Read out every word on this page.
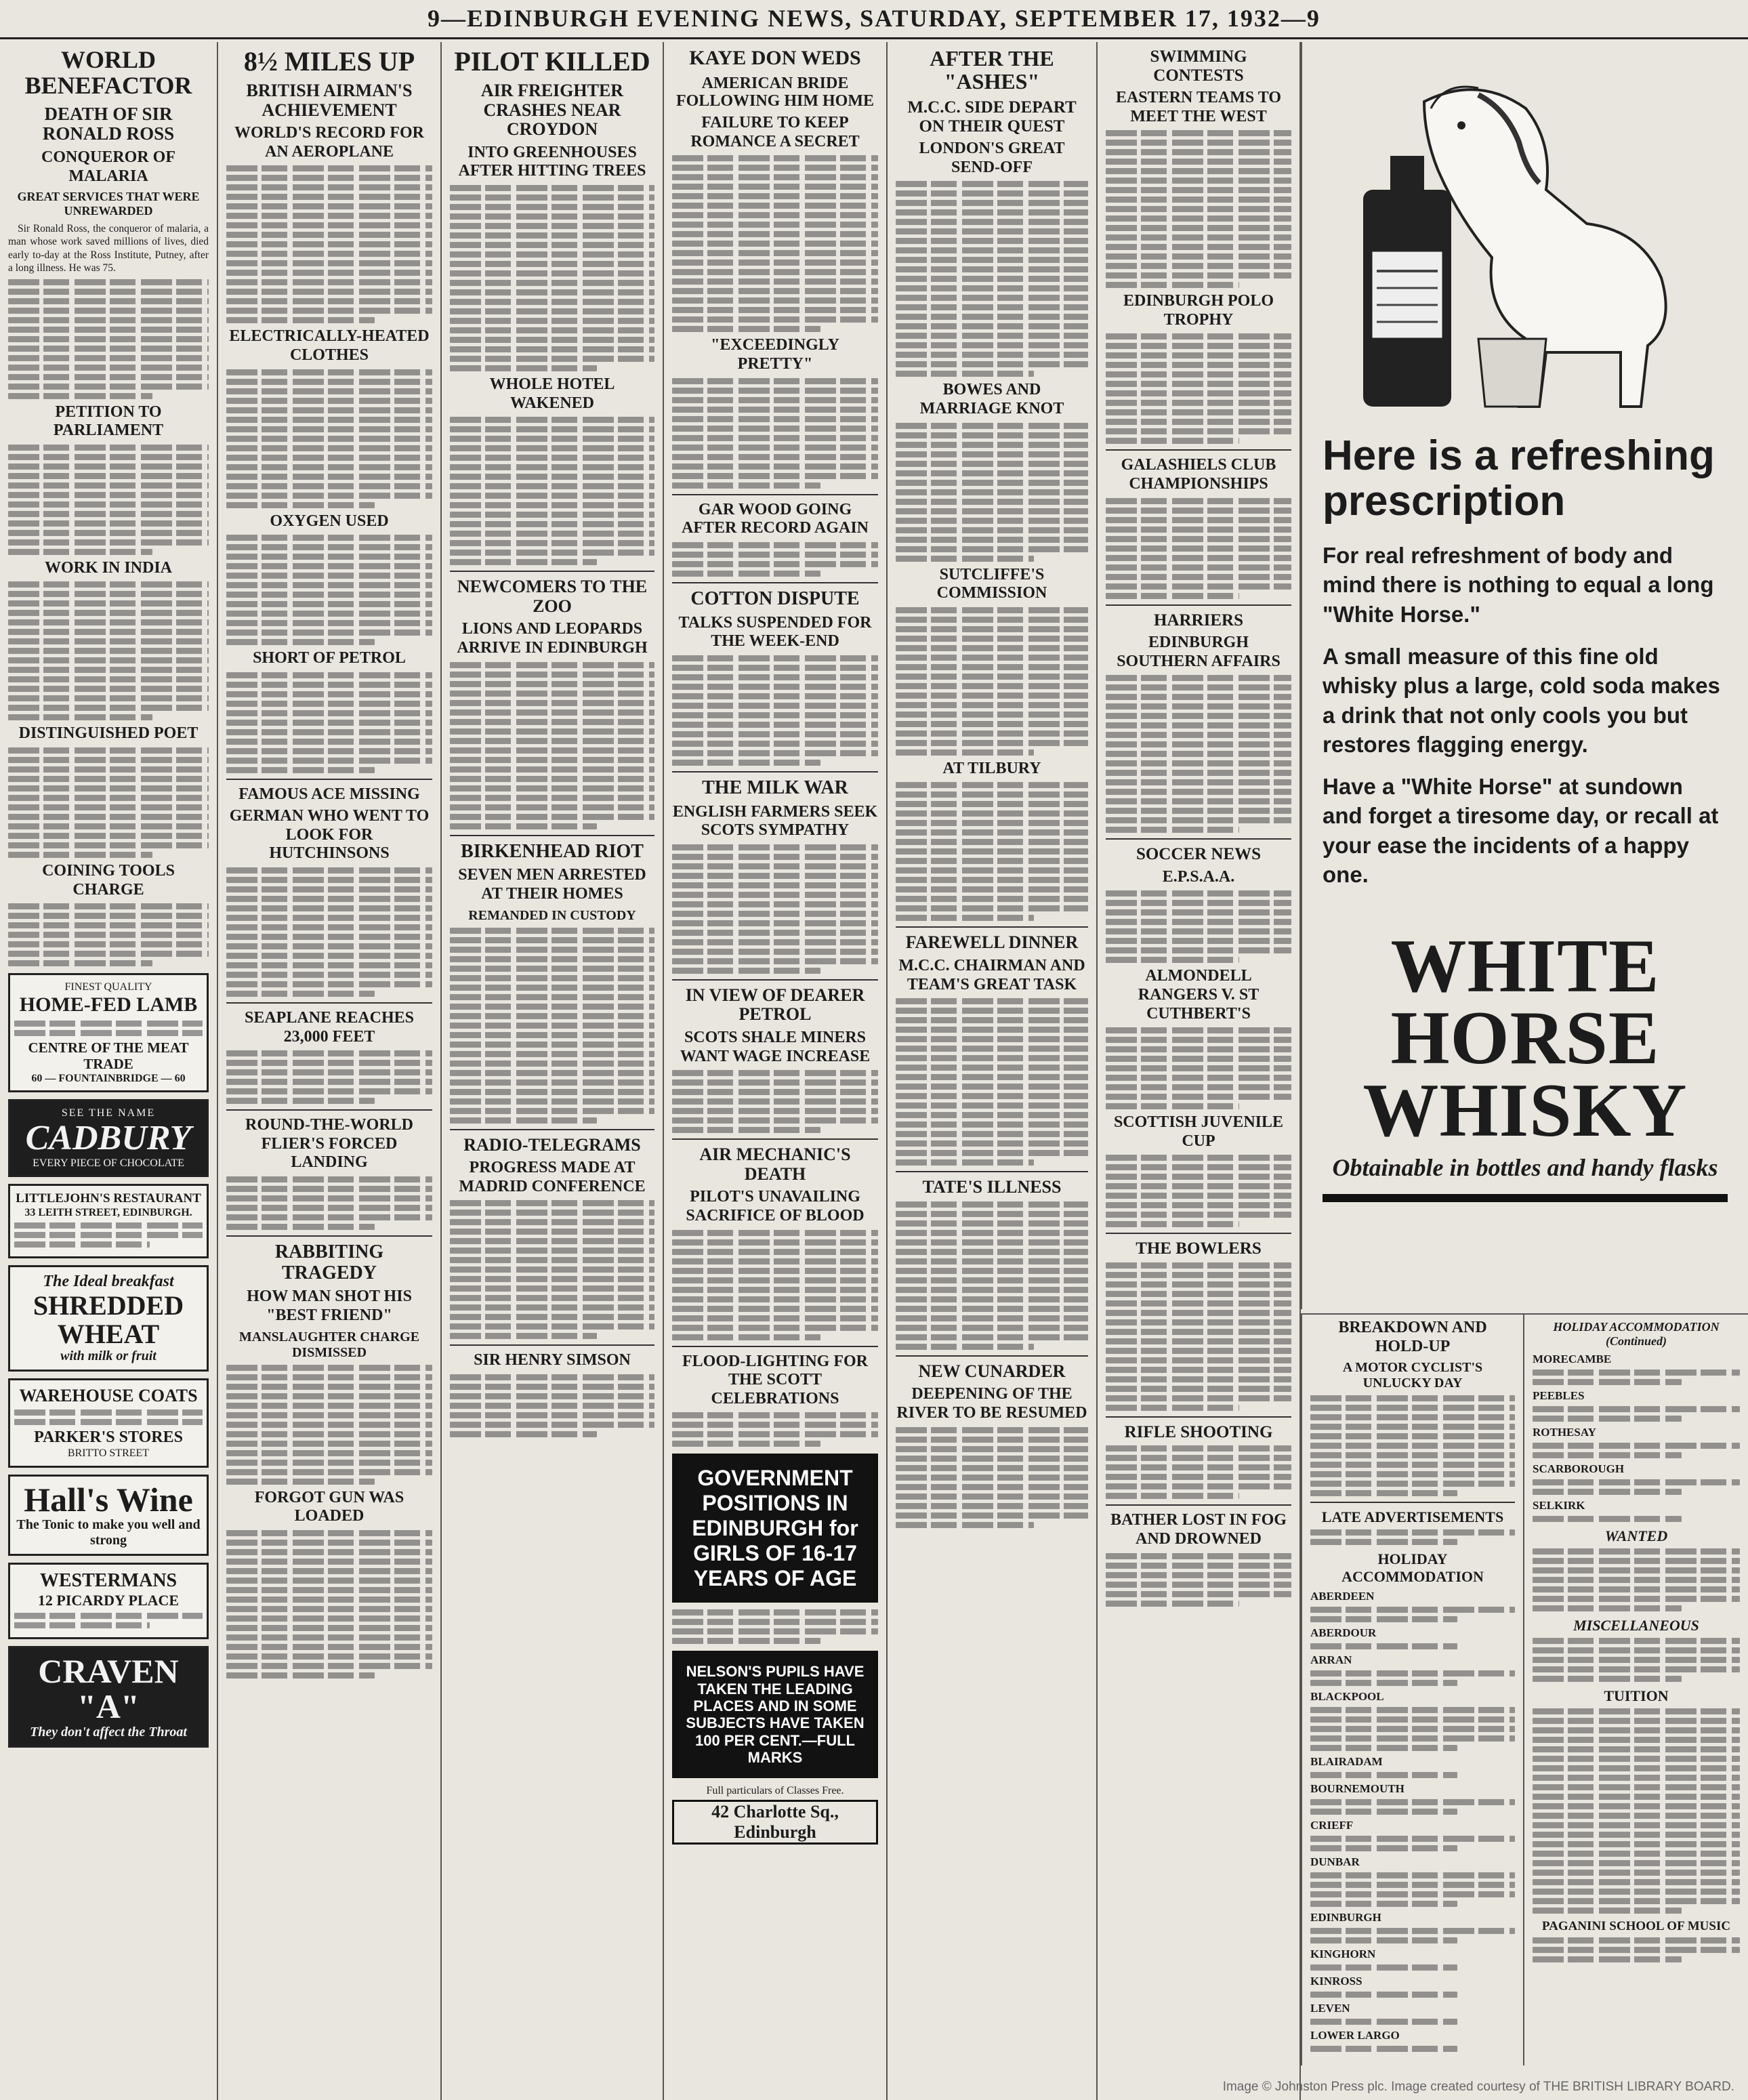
9—EDINBURGH EVENING NEWS, SATURDAY, SEPTEMBER 17, 1932—9
WORLD BENEFACTOR
DEATH OF SIR RONALD ROSS
CONQUEROR OF MALARIA
GREAT SERVICES THAT WERE UNREWARDED

Sir Ronald Ross, the conqueror of malaria, a man whose work saved millions of lives, died early to-day at the Ross Institute, Putney, after a long illness. He was 75.

PETITION TO PARLIAMENT
WORK IN INDIA
DISTINGUISHED POET
COINING TOOLS CHARGE
FINEST QUALITY
HOME-FED LAMB
CENTRE OF THE MEAT TRADE
60 — FOUNTAINBRIDGE — 60
SEE THE NAME
CADBURY
EVERY PIECE OF CHOCOLATE
LITTLEJOHN'S RESTAURANT
33 LEITH STREET, EDINBURGH.
The Ideal breakfast
SHREDDED WHEAT
with milk or fruit
WAREHOUSE COATS
PARKER'S STORES
BRITTO STREET
Hall's Wine
The Tonic to make you well and strong
WESTERMANS
12 PICARDY PLACE
CRAVEN "A"
They don't affect the Throat
8½ MILES UP
BRITISH AIRMAN'S ACHIEVEMENT
WORLD'S RECORD FOR AN AEROPLANE
ELECTRICALLY-HEATED CLOTHES
OXYGEN USED
SHORT OF PETROL
FAMOUS ACE MISSING
GERMAN WHO WENT TO LOOK FOR HUTCHINSONS
SEAPLANE REACHES 23,000 FEET
ROUND-THE-WORLD FLIER'S FORCED LANDING
RABBITING TRAGEDY
HOW MAN SHOT HIS "BEST FRIEND"
MANSLAUGHTER CHARGE DISMISSED
FORGOT GUN WAS LOADED
PILOT KILLED
AIR FREIGHTER CRASHES NEAR CROYDON
INTO GREENHOUSES AFTER HITTING TREES
WHOLE HOTEL WAKENED
NEWCOMERS TO THE ZOO
LIONS AND LEOPARDS ARRIVE IN EDINBURGH
BIRKENHEAD RIOT
SEVEN MEN ARRESTED AT THEIR HOMES
REMANDED IN CUSTODY
RADIO-TELEGRAMS
PROGRESS MADE AT MADRID CONFERENCE
SIR HENRY SIMSON
KAYE DON WEDS
AMERICAN BRIDE FOLLOWING HIM HOME
FAILURE TO KEEP ROMANCE A SECRET
"EXCEEDINGLY PRETTY"
GAR WOOD GOING AFTER RECORD AGAIN
COTTON DISPUTE
TALKS SUSPENDED FOR THE WEEK-END
THE MILK WAR
ENGLISH FARMERS SEEK SCOTS SYMPATHY
IN VIEW OF DEARER PETROL
SCOTS SHALE MINERS WANT WAGE INCREASE
AIR MECHANIC'S DEATH
PILOT'S UNAVAILING SACRIFICE OF BLOOD
FLOOD-LIGHTING FOR THE SCOTT CELEBRATIONS
GOVERNMENT POSITIONS IN EDINBURGH for GIRLS OF 16-17 YEARS OF AGE
NELSON'S PUPILS HAVE TAKEN THE LEADING PLACES AND IN SOME SUBJECTS HAVE TAKEN 100 PER CENT.—FULL MARKS
Full particulars of Classes Free.
42 Charlotte Sq., Edinburgh
AFTER THE "ASHES"
M.C.C. SIDE DEPART ON THEIR QUEST
LONDON'S GREAT SEND-OFF
BOWES AND MARRIAGE KNOT
SUTCLIFFE'S COMMISSION
AT TILBURY
FAREWELL DINNER
M.C.C. CHAIRMAN AND TEAM'S GREAT TASK
TATE'S ILLNESS
NEW CUNARDER
DEEPENING OF THE RIVER TO BE RESUMED
SWIMMING CONTESTS
EASTERN TEAMS TO MEET THE WEST
EDINBURGH POLO TROPHY
GALASHIELS CLUB CHAMPIONSHIPS
HARRIERS
EDINBURGH SOUTHERN AFFAIRS
SOCCER NEWS
E.P.S.A.A.
ALMONDELL RANGERS V. ST CUTHBERT'S
SCOTTISH JUVENILE CUP
THE BOWLERS
RIFLE SHOOTING
BATHER LOST IN FOG AND DROWNED
Here is a refreshing prescription

For real refreshment of body and mind there is nothing to equal a long "White Horse."

A small measure of this fine old whisky plus a large, cold soda makes a drink that not only cools you but restores flagging energy.

Have a "White Horse" at sundown and forget a tiresome day, or recall at your ease the incidents of a happy one.

WHITE HORSE
WHISKY
Obtainable in bottles and handy flasks
BREAKDOWN AND HOLD-UP
A MOTOR CYCLIST'S UNLUCKY DAY
LATE ADVERTISEMENTS
HOLIDAY ACCOMMODATION
ABERDEEN
ABERDOUR
ARRAN
BLACKPOOL
BLAIRADAM
BOURNEMOUTH
CRIEFF
DUNBAR
EDINBURGH
KINGHORN
KINROSS
LEVEN
LOWER LARGO
HOLIDAY ACCOMMODATION (Continued)
MORECAMBE
PEEBLES
ROTHESAY
SCARBOROUGH
SELKIRK
WANTED
MISCELLANEOUS
TUITION
PAGANINI SCHOOL OF MUSIC
Image © Johnston Press plc. Image created courtesy of THE BRITISH LIBRARY BOARD.
